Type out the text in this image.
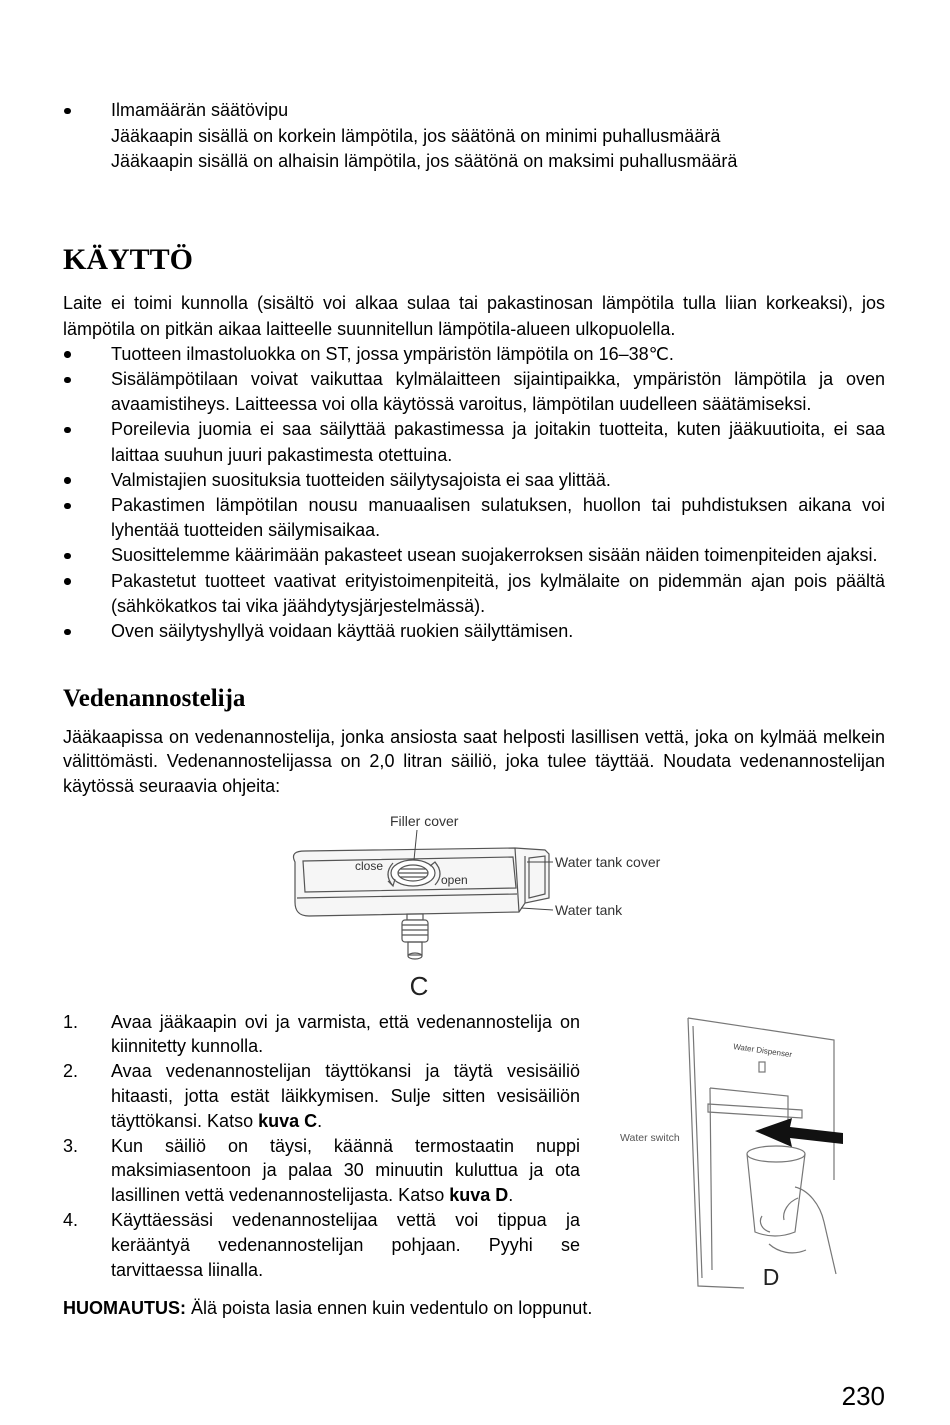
Ilmamäärän säätövipu
Jääkaapin sisällä on korkein lämpötila, jos säätönä on minimi puhallusmäärä
Jääkaapin sisällä on alhaisin lämpötila, jos säätönä on maksimi puhallusmäärä
KÄYTTÖ

Laite ei toimi kunnolla (sisältö voi alkaa sulaa tai pakastinosan lämpötila tulla liian korkeaksi), jos lämpötila on pitkän aikaa laitteelle suunnitellun lämpötila-alueen ulkopuolella.

Tuotteen ilmastoluokka on ST, jossa ympäristön lämpötila on 16–38℃.
Sisälämpötilaan voivat vaikuttaa kylmälaitteen sijaintipaikka, ympäristön lämpötila ja oven avaamistiheys. Laitteessa voi olla käytössä varoitus, lämpötilan uudelleen säätämiseksi.
Poreilevia juomia ei saa säilyttää pakastimessa ja joitakin tuotteita, kuten jääkuutioita, ei saa laittaa suuhun juuri pakastimesta otettuina.
Valmistajien suosituksia tuotteiden säilytysajoista ei saa ylittää.
Pakastimen lämpötilan nousu manuaalisen sulatuksen, huollon tai puhdistuksen aikana voi lyhentää tuotteiden säilymisaikaa.
Suosittelemme käärimään pakasteet usean suojakerroksen sisään näiden toimenpiteiden ajaksi.
Pakastetut tuotteet vaativat erityistoimenpiteitä, jos kylmälaite on pidemmän ajan pois päältä (sähkökatkos tai vika jäähdytysjärjestelmässä).
Oven säilytyshyllyä voidaan käyttää ruokien säilyttämisen.
Vedenannostelija

Jääkaapissa on vedenannostelija, jonka ansiosta saat helposti lasillisen vettä, joka on kylmää melkein välittömästi. Vedenannostelijassa on 2,0 litran säiliö, joka tulee täyttää. Noudata vedenannostelijan käytössä seuraavia ohjeita:

Filler cover
close
open
Water tank cover
Water tank
C
1. Avaa jääkaapin ovi ja varmista, että vedenannostelija on kiinnitetty kunnolla.
2. Avaa vedenannostelijan täyttökansi ja täytä vesisäiliö hitaasti, jotta estät läikkymisen. Sulje sitten vesisäiliön täyttökansi. Katso kuva C.
3. Kun säiliö on täysi, käännä termostaatin nuppi maksimiasentoon ja palaa 30 minuutin kuluttua ja ota lasillinen vettä vedenannostelijasta. Katso kuva D.
4. Käyttäessäsi vedenannostelijaa vettä voi tippua ja kerääntyä vedenannostelijan pohjaan. Pyyhi se tarvittaessa liinalla.
Water Dispenser
Water switch
D
HUOMAUTUS: Älä poista lasia ennen kuin vedentulo on loppunut.
230
